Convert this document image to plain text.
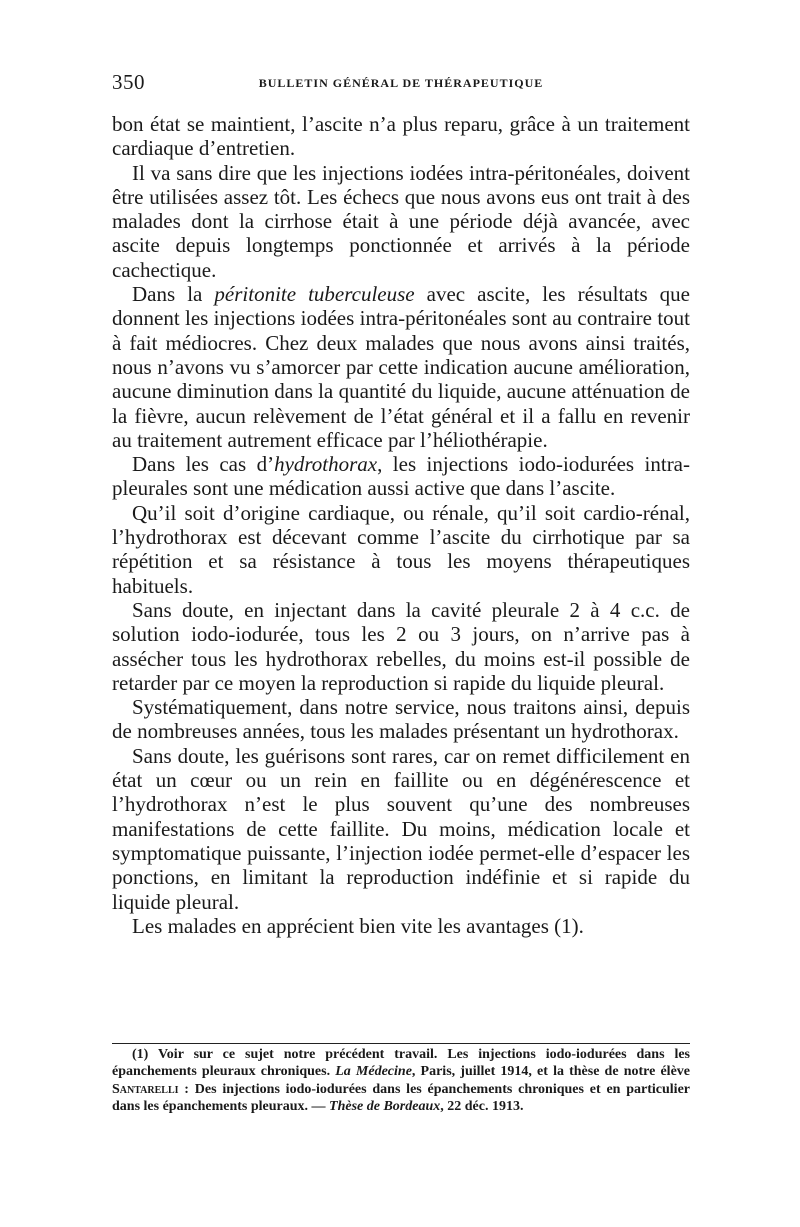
350	BULLETIN GÉNÉRAL DE THÉRAPEUTIQUE

bon état se maintient, l’ascite n’a plus reparu, grâce à un traitement cardiaque d’entretien.

Il va sans dire que les injections iodées intra-péritonéales, doivent être utilisées assez tôt. Les échecs que nous avons eus ont trait à des malades dont la cirrhose était à une période déjà avancée, avec ascite depuis longtemps ponctionnée et arrivés à la période cachectique.

Dans la péritonite tuberculeuse avec ascite, les résultats que donnent les injections iodées intra-péritonéales sont au contraire tout à fait médiocres. Chez deux malades que nous avons ainsi traités, nous n’avons vu s’amorcer par cette indication aucune amélioration, aucune diminution dans la quantité du liquide, aucune atténuation de la fièvre, aucun relèvement de l’état général et il a fallu en revenir au traitement autrement efficace par l’héliothérapie.

Dans les cas d’hydrothorax, les injections iodo-iodurées intra-pleurales sont une médication aussi active que dans l’ascite.

Qu’il soit d’origine cardiaque, ou rénale, qu’il soit cardio-rénal, l’hydrothorax est décevant comme l’ascite du cirrhotique par sa répétition et sa résistance à tous les moyens thérapeutiques habituels.

Sans doute, en injectant dans la cavité pleurale 2 à 4 c.c. de solution iodo-iodurée, tous les 2 ou 3 jours, on n’arrive pas à assécher tous les hydrothorax rebelles, du moins est-il possible de retarder par ce moyen la reproduction si rapide du liquide pleural.

Systématiquement, dans notre service, nous traitons ainsi, depuis de nombreuses années, tous les malades présentant un hydrothorax.

Sans doute, les guérisons sont rares, car on remet difficilement en état un cœur ou un rein en faillite ou en dégénérescence et l’hydrothorax n’est le plus souvent qu’une des nombreuses manifestations de cette faillite. Du moins, médication locale et symptomatique puissante, l’injection iodée permet-elle d’espacer les ponctions, en limitant la reproduction indéfinie et si rapide du liquide pleural.

Les malades en apprécient bien vite les avantages (1).

(1) Voir sur ce sujet notre précédent travail. Les injections iodo-iodurées dans les épanchements pleuraux chroniques. La Médecine, Paris, juillet 1914, et la thèse de notre élève Santarelli : Des injections iodo-iodurées dans les épanchements chroniques et en particulier dans les épanchements pleuraux. — Thèse de Bordeaux, 22 déc. 1913.
